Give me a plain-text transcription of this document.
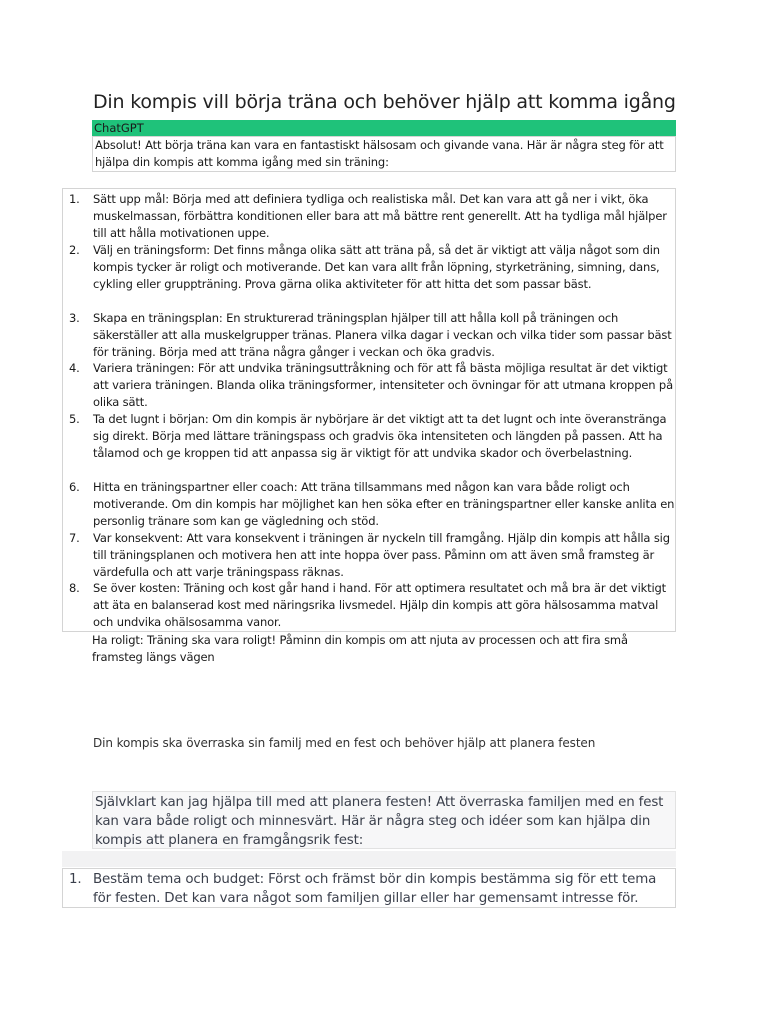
Din kompis vill börja träna och behöver hjälp att komma igång
ChatGPT
Absolut! Att börja träna kan vara en fantastiskt hälsosam och givande vana. Här är några steg för att hjälpa din kompis att komma igång med sin träning:
1.	Sätt upp mål: Börja med att definiera tydliga och realistiska mål. Det kan vara att gå ner i vikt, öka muskelmassan, förbättra konditionen eller bara att må bättre rent generellt. Att ha tydliga mål hjälper till att hålla motivationen uppe.
2.	Välj en träningsform: Det finns många olika sätt att träna på, så det är viktigt att välja något som din kompis tycker är roligt och motiverande. Det kan vara allt från löpning, styrketräning, simning, dans, cykling eller gruppträning. Prova gärna olika aktiviteter för att hitta det som passar bäst.
3.	Skapa en träningsplan: En strukturerad träningsplan hjälper till att hålla koll på träningen och säkerställer att alla muskelgrupper tränas. Planera vilka dagar i veckan och vilka tider som passar bäst för träning. Börja med att träna några gånger i veckan och öka gradvis.
4.	Variera träningen: För att undvika träningsuttråkning och för att få bästa möjliga resultat är det viktigt att variera träningen. Blanda olika träningsformer, intensiteter och övningar för att utmana kroppen på olika sätt.
5.	Ta det lugnt i början: Om din kompis är nybörjare är det viktigt att ta det lugnt och inte överanstränga sig direkt. Börja med lättare träningspass och gradvis öka intensiteten och längden på passen. Att ha tålamod och ge kroppen tid att anpassa sig är viktigt för att undvika skador och överbelastning.
6.	Hitta en träningspartner eller coach: Att träna tillsammans med någon kan vara både roligt och motiverande. Om din kompis har möjlighet kan hen söka efter en träningspartner eller kanske anlita en personlig tränare som kan ge vägledning och stöd.
7.	Var konsekvent: Att vara konsekvent i träningen är nyckeln till framgång. Hjälp din kompis att hålla sig till träningsplanen och motivera hen att inte hoppa över pass. Påminn om att även små framsteg är värdefulla och att varje träningspass räknas.
8.	Se över kosten: Träning och kost går hand i hand. För att optimera resultatet och må bra är det viktigt att äta en balanserad kost med näringsrika livsmedel. Hjälp din kompis att göra hälsosamma matval och undvika ohälsosamma vanor.
Ha roligt: Träning ska vara roligt! Påminn din kompis om att njuta av processen och att fira små framsteg längs vägen
Din kompis ska överraska sin familj med en fest och behöver hjälp att planera festen
Självklart kan jag hjälpa till med att planera festen! Att överraska familjen med en fest kan vara både roligt och minnesvärt. Här är några steg och idéer som kan hjälpa din kompis att planera en framgångsrik fest:
1. Bestäm tema och budget: Först och främst bör din kompis bestämma sig för ett tema för festen. Det kan vara något som familjen gillar eller har gemensamt intresse för.
